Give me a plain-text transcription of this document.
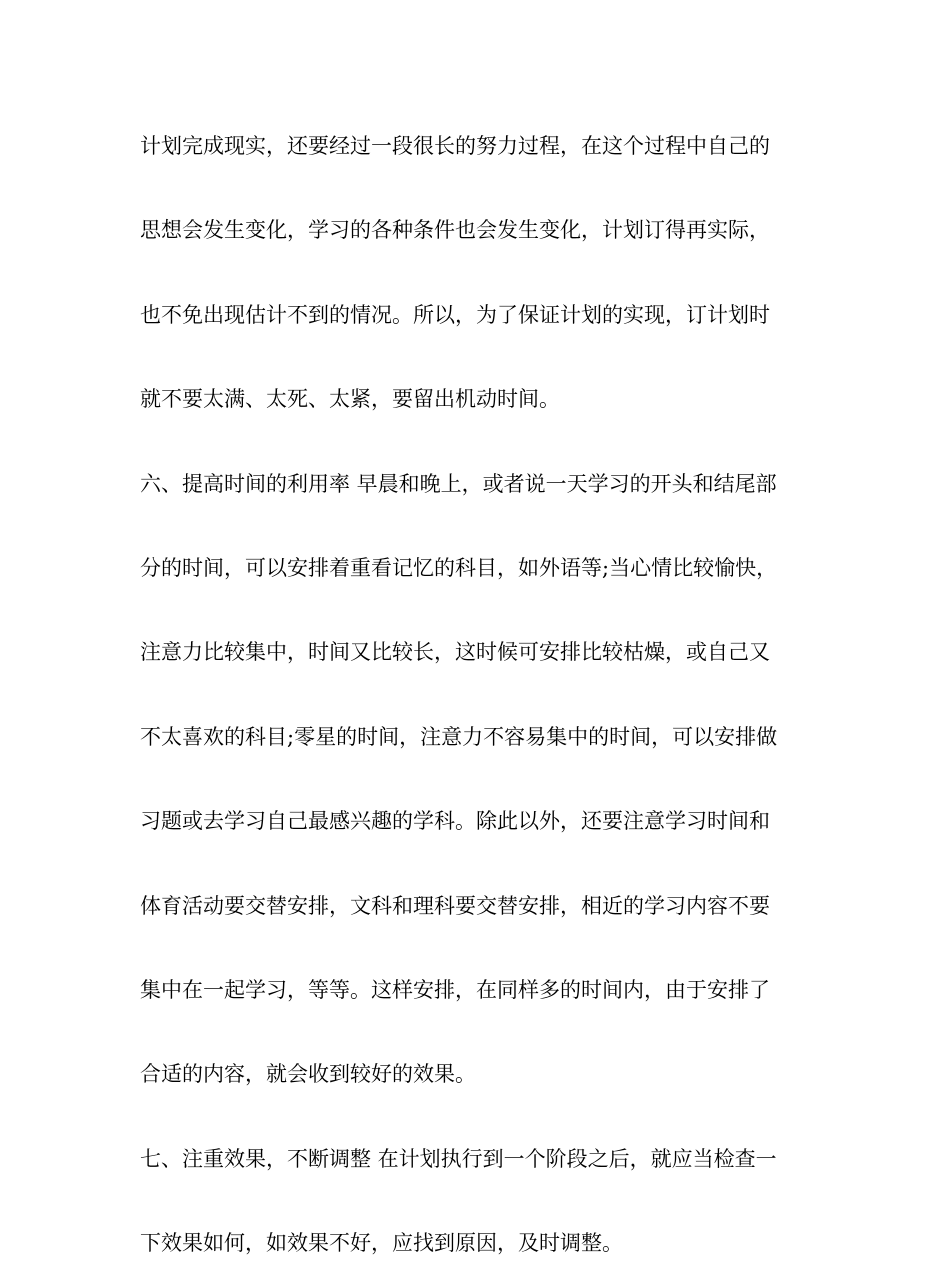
计划完成现实，还要经过一段很长的努力过程，在这个过程中自己的
思想会发生变化，学习的各种条件也会发生变化，计划订得再实际，
也不免出现估计不到的情况。所以，为了保证计划的实现，订计划时
就不要太满、太死、太紧，要留出机动时间。
六、提高时间的利用率 早晨和晚上，或者说一天学习的开头和结尾部
分的时间，可以安排着重看记忆的科目，如外语等;当心情比较愉快，
注意力比较集中，时间又比较长，这时候可安排比较枯燥，或自己又
不太喜欢的科目;零星的时间，注意力不容易集中的时间，可以安排做
习题或去学习自己最感兴趣的学科。除此以外，还要注意学习时间和
体育活动要交替安排，文科和理科要交替安排，相近的学习内容不要
集中在一起学习，等等。这样安排，在同样多的时间内，由于安排了
合适的内容，就会收到较好的效果。
七、注重效果，不断调整 在计划执行到一个阶段之后，就应当检查一
下效果如何，如效果不好，应找到原因，及时调整。
